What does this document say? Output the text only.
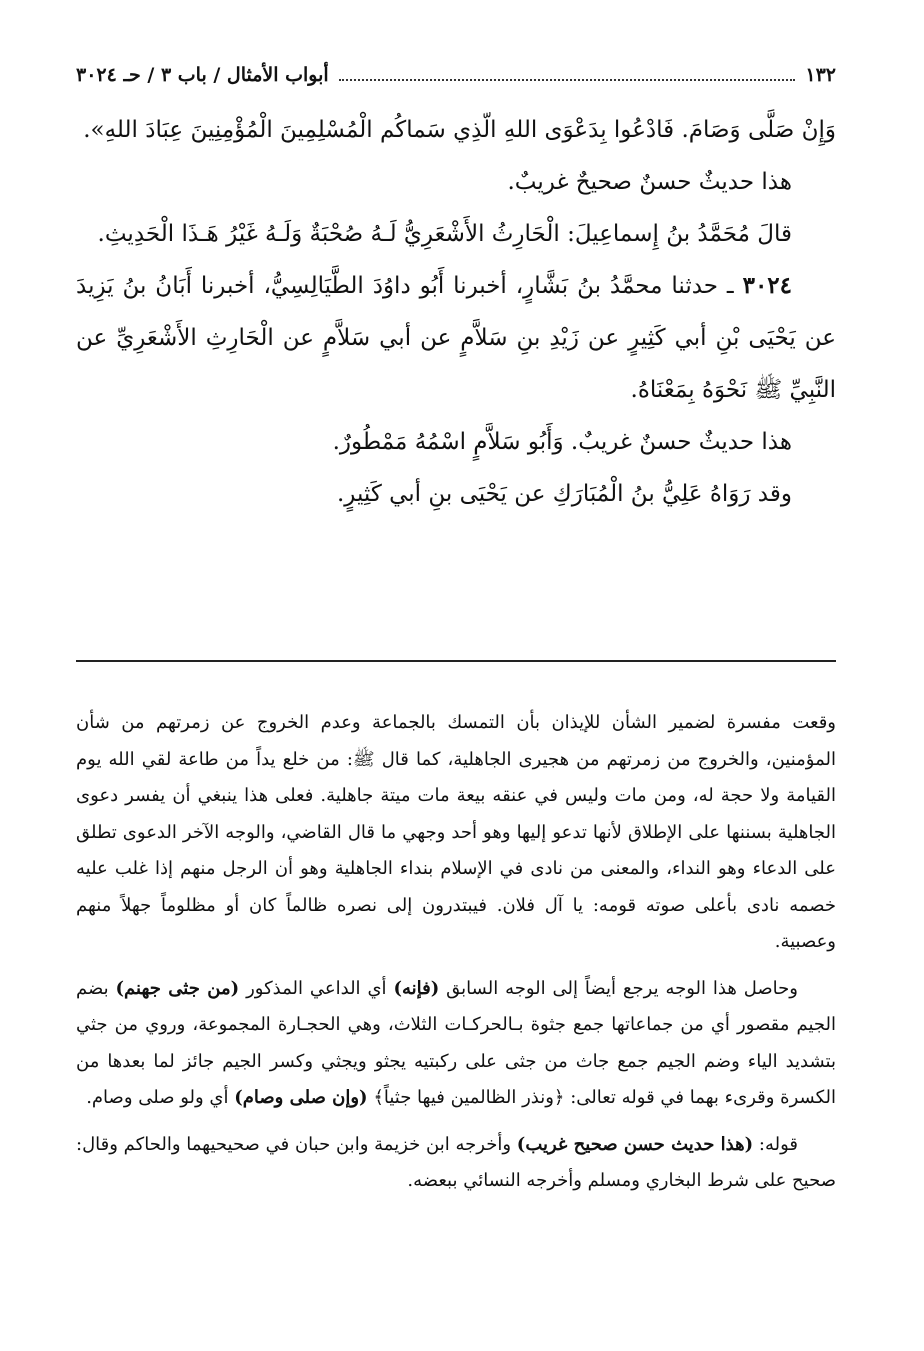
١٣٢
أبواب الأمثال / باب ٣ / حـ ٣٠٢٤

وَإِنْ صَلَّى وَصَامَ. فَادْعُوا بِدَعْوَى اللهِ الّذِي سَماكُم الْمُسْلِمِينَ الْمُؤْمِنِينَ عِبَادَ اللهِ».

هذا حديثٌ حسنٌ صحيحٌ غريبٌ.

قالَ مُحَمَّدُ بنُ إِسماعِيلَ: الْحَارِثُ الأَشْعَرِيُّ لَـهُ صُحْبَةٌ وَلَـهُ غَيْرُ هَـذَا الْحَدِيثِ.

٣٠٢٤ ـ حدثنا محمَّدُ بنُ بَشَّارٍ، أخبرنا أَبُو داوُدَ الطَّيَالِسِيُّ، أخبرنا أَبَانُ بنُ يَزِيدَ عن يَحْيَى بْنِ أبي كَثِيرٍ عن زَيْدِ بنِ سَلاَّمٍ عن أبي سَلاَّمٍ عن الْحَارِثِ الأَشْعَرِيِّ عن النَّبِيِّ ﷺ نَحْوَهُ بِمَعْنَاهُ.

هذا حديثٌ حسنٌ غريبٌ. وَأَبُو سَلاَّمٍ اسْمُهُ مَمْطُورٌ.

وقد رَوَاهُ عَلِيُّ بنُ الْمُبَارَكِ عن يَحْيَى بنِ أبي كَثِيرٍ.

وقعت مفسرة لضمير الشأن للإيذان بأن التمسك بالجماعة وعدم الخروج عن زمرتهم من شأن المؤمنين، والخروج من زمرتهم من هجيرى الجاهلية، كما قال ﷺ: من خلع يداً من طاعة لقي الله يوم القيامة ولا حجة له، ومن مات وليس في عنقه بيعة مات ميتة جاهلية. فعلى هذا ينبغي أن يفسر دعوى الجاهلية بسننها على الإطلاق لأنها تدعو إليها وهو أحد وجهي ما قال القاضي، والوجه الآخر الدعوى تطلق على الدعاء وهو النداء، والمعنى من نادى في الإسلام بنداء الجاهلية وهو أن الرجل منهم إذا غلب عليه خصمه نادى بأعلى صوته قومه: يا آل فلان. فيبتدرون إلى نصره ظالماً كان أو مظلوماً جهلاً منهم وعصبية.

وحاصل هذا الوجه يرجع أيضاً إلى الوجه السابق (فإنه) أي الداعي المذكور (من جثى جهنم) بضم الجيم مقصور أي من جماعاتها جمع جثوة بـالحركـات الثلاث، وهي الحجـارة المجموعة، وروي من جثي بتشديد الياء وضم الجيم جمع جاث من جثى على ركبتيه يجثو ويجثي وكسر الجيم جائز لما بعدها من الكسرة وقرىء بهما في قوله تعالى: ﴿ونذر الظالمين فيها جثياً﴾ (وإن صلى وصام) أي ولو صلى وصام.

قوله: (هذا حديث حسن صحيح غريب) وأخرجه ابن خزيمة وابن حبان في صحيحيهما والحاكم وقال: صحيح على شرط البخاري ومسلم وأخرجه النسائي ببعضه.
